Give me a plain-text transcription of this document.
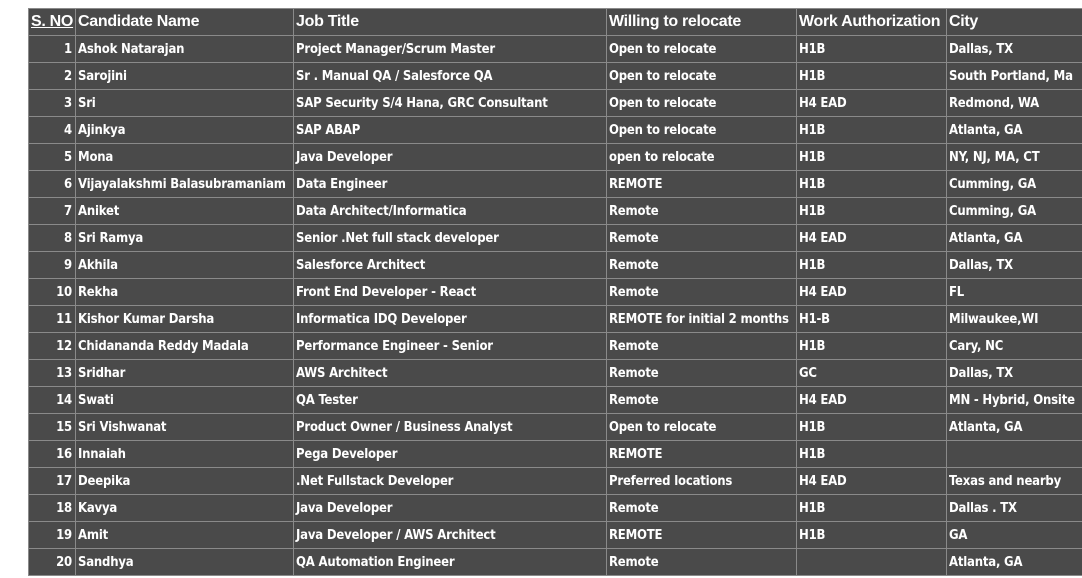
S. NO	Candidate Name	Job Title	Willing to relocate	Work Authorization	City
1	Ashok Natarajan	Project Manager/Scrum Master	Open to relocate	H1B	Dallas, TX
2	Sarojini	Sr . Manual QA / Salesforce QA	Open to relocate	H1B	South Portland, Ma
3	Sri	SAP Security S/4 Hana, GRC Consultant	Open to relocate	H4 EAD	Redmond, WA
4	Ajinkya	SAP ABAP	Open to relocate	H1B	Atlanta, GA
5	Mona	Java Developer	open to relocate	H1B	NY, NJ, MA, CT
6	Vijayalakshmi Balasubramaniam	Data Engineer	REMOTE	H1B	Cumming, GA
7	Aniket	Data Architect/Informatica	Remote	H1B	Cumming, GA
8	Sri Ramya	Senior .Net full stack developer	Remote	H4 EAD	Atlanta, GA
9	Akhila	Salesforce Architect	Remote	H1B	Dallas, TX
10	Rekha	Front End Developer - React	Remote	H4 EAD	FL
11	Kishor Kumar Darsha	Informatica IDQ Developer	REMOTE for initial 2 months	H1-B	Milwaukee,WI
12	Chidananda Reddy Madala	Performance Engineer - Senior	Remote	H1B	Cary, NC
13	Sridhar	AWS Architect	Remote	GC	Dallas, TX
14	Swati	QA Tester	Remote	H4 EAD	MN - Hybrid, Onsite
15	Sri Vishwanat	Product Owner / Business Analyst	Open to relocate	H1B	Atlanta, GA
16	Innaiah	Pega Developer	REMOTE	H1B	
17	Deepika	.Net Fullstack Developer	Preferred locations	H4 EAD	Texas and nearby
18	Kavya	Java Developer	Remote	H1B	Dallas . TX
19	Amit	Java Developer / AWS Architect	REMOTE	H1B	GA
20	Sandhya	QA Automation Engineer	Remote		Atlanta, GA
